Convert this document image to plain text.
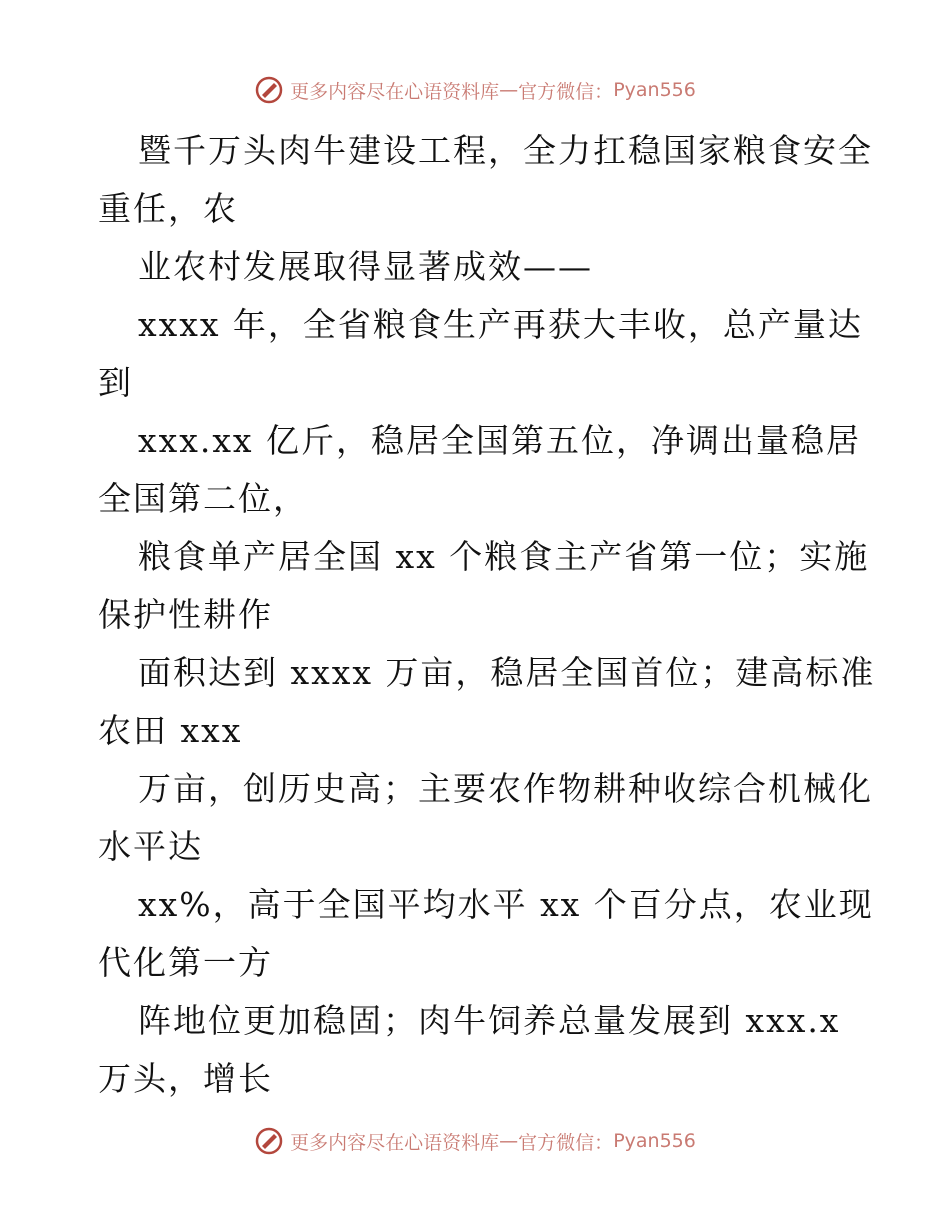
更多内容尽在心语资料库 — 官方微信： Pyan556

暨千万头肉牛建设工程，全力扛稳国家粮食安全
重任，农

业农村发展取得显著成效——

xxxx 年，全省粮食生产再获大丰收，总产量达
到

xxx.xx 亿斤，稳居全国第五位，净调出量稳居
全国第二位，

粮食单产居全国 xx 个粮食主产省第一位；实施
保护性耕作

面积达到 xxxx 万亩，稳居全国首位；建高标准
农田 xxx

万亩，创历史高；主要农作物耕种收综合机械化
水平达

xx%，高于全国平均水平 xx 个百分点，农业现
代化第一方

阵地位更加稳固；肉牛饲养总量发展到 xxx.x
万头，增长

更多内容尽在心语资料库 — 官方微信： Pyan556
